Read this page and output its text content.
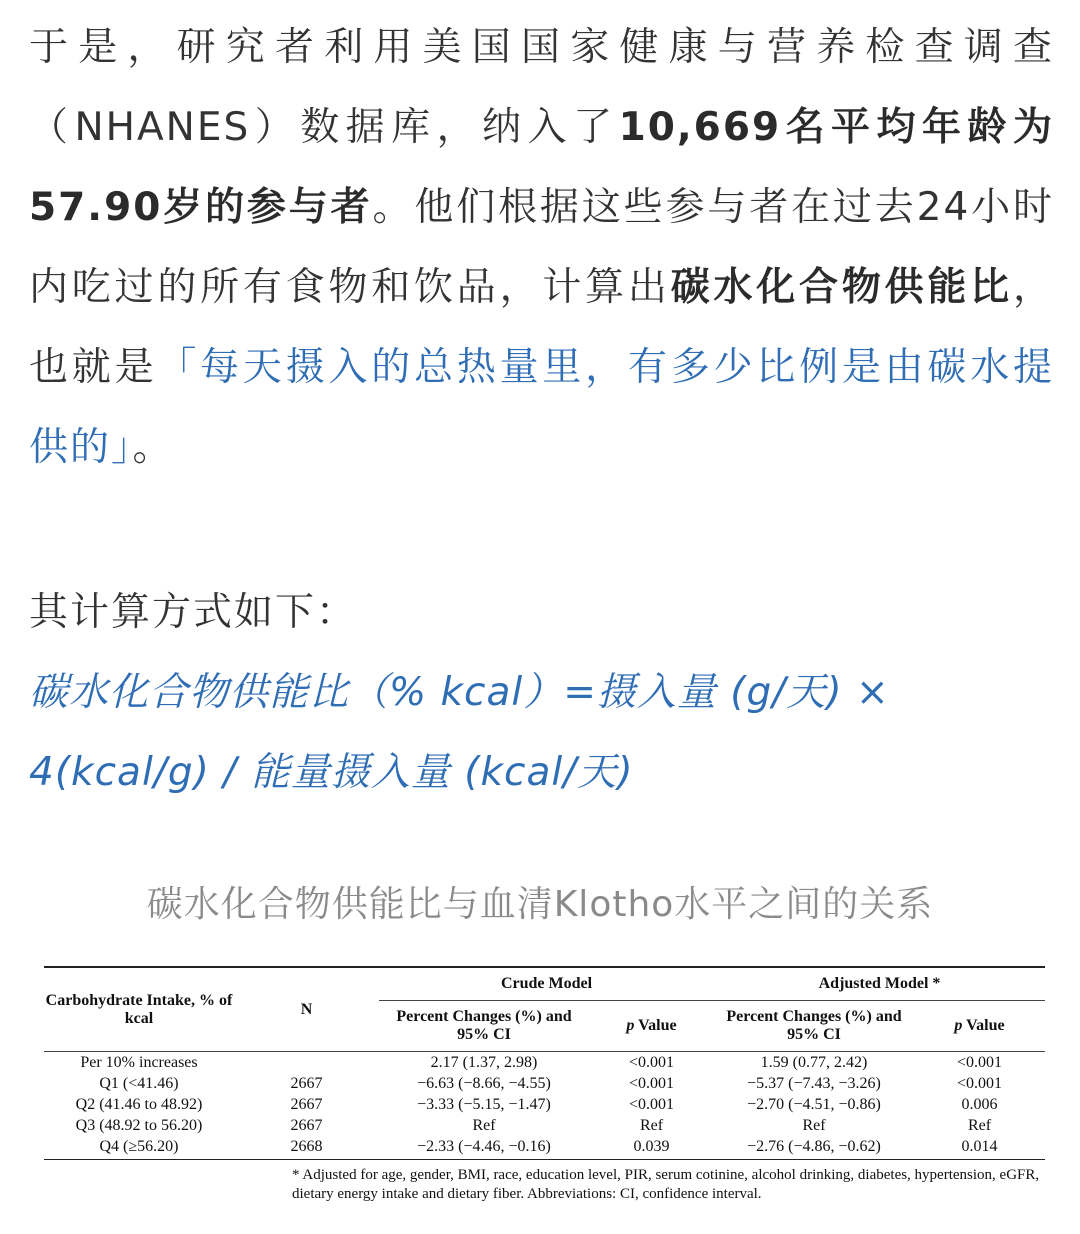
于是，研究者利用美国国家健康与营养检查调查（NHANES）数据库，纳入了10,669名平均年龄为57.90岁的参与者。他们根据这些参与者在过去24小时内吃过的所有食物和饮品，计算出碳水化合物供能比，也就是「每天摄入的总热量里，有多少比例是由碳水提供的」。

其计算方式如下：

碳水化合物供能比（% kcal）=摄入量 (g/天) × 4(kcal/g) / 能量摄入量 (kcal/天)

碳水化合物供能比与血清Klotho水平之间的关系
Carbohydrate Intake, % of kcal	N	Crude Model		Adjusted Model *	
		Percent Changes (%) and 95% CI	p Value	Percent Changes (%) and 95% CI	p Value
Per 10% increases		2.17 (1.37, 2.98)	<0.001	1.59 (0.77, 2.42)	<0.001
Q1 (<41.46)	2667	−6.63 (−8.66, −4.55)	<0.001	−5.37 (−7.43, −3.26)	<0.001
Q2 (41.46 to 48.92)	2667	−3.33 (−5.15, −1.47)	<0.001	−2.70 (−4.51, −0.86)	0.006
Q3 (48.92 to 56.20)	2667	Ref	Ref	Ref	Ref
Q4 (≥56.20)	2668	−2.33 (−4.46, −0.16)	0.039	−2.76 (−4.86, −0.62)	0.014
* Adjusted for age, gender, BMI, race, education level, PIR, serum cotinine, alcohol drinking, diabetes, hypertension, eGFR, dietary energy intake and dietary fiber. Abbreviations: CI, confidence interval.
